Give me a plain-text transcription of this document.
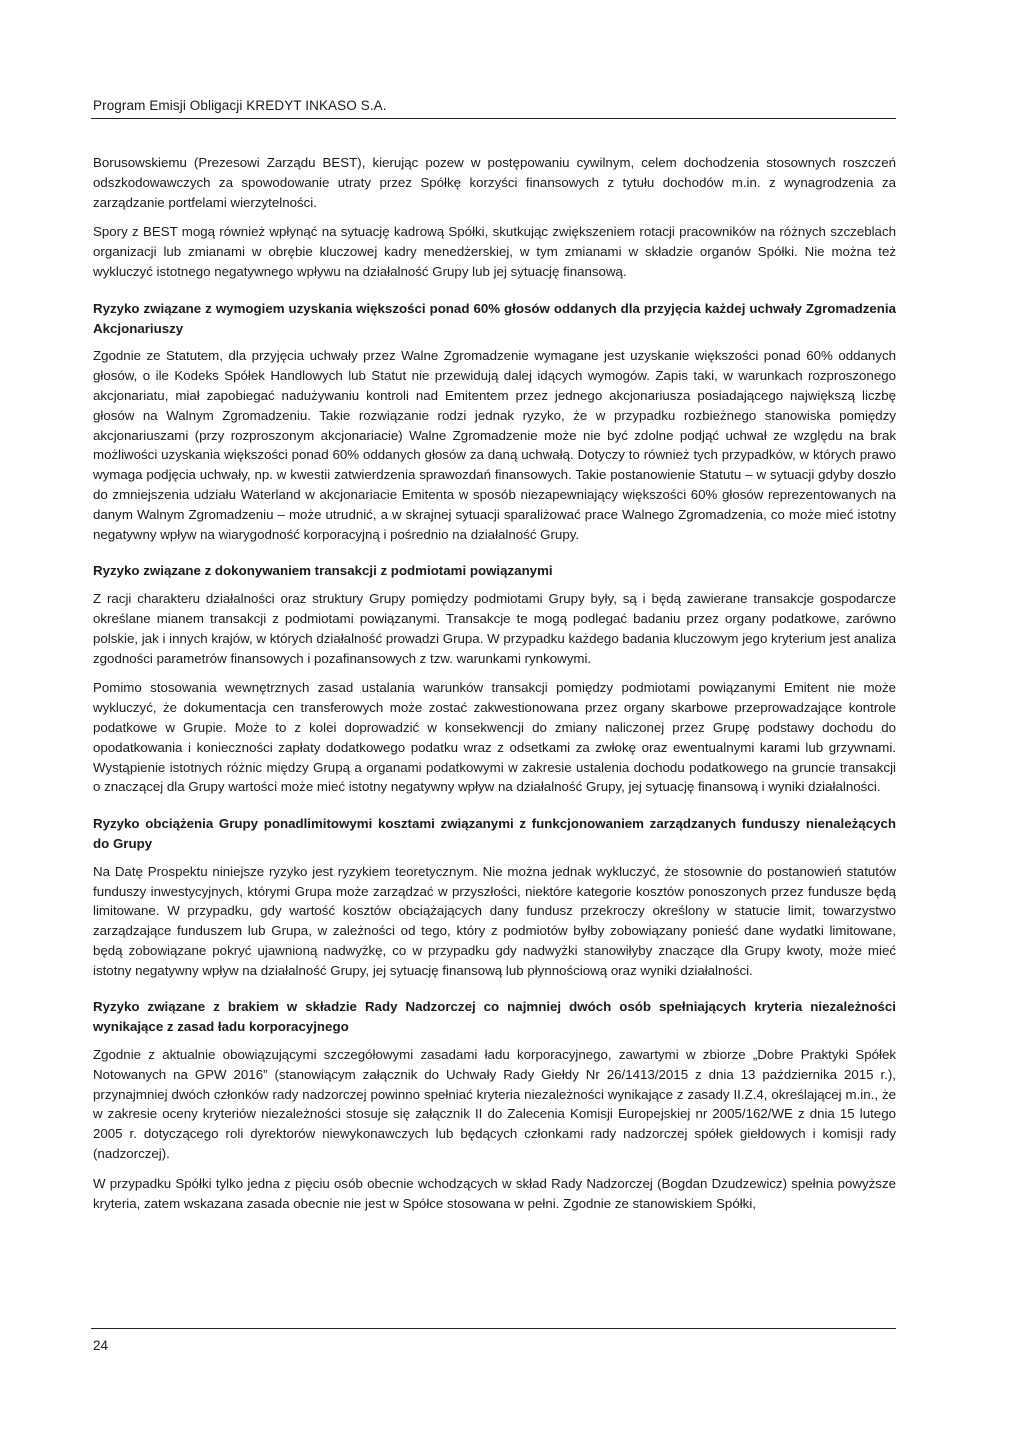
Program Emisji Obligacji KREDYT INKASO S.A.

Borusowskiemu (Prezesowi Zarządu BEST), kierując pozew w postępowaniu cywilnym, celem dochodzenia stosownych roszczeń odszkodowawczych za spowodowanie utraty przez Spółkę korzyści finansowych z tytułu dochodów m.in. z wynagrodzenia za zarządzanie portfelami wierzytelności.

Spory z BEST mogą również wpłynąć na sytuację kadrową Spółki, skutkując zwiększeniem rotacji pracowników na różnych szczeblach organizacji lub zmianami w obrębie kluczowej kadry menedżerskiej, w tym zmianami w składzie organów Spółki. Nie można też wykluczyć istotnego negatywnego wpływu na działalność Grupy lub jej sytuację finansową.

Ryzyko związane z wymogiem uzyskania większości ponad 60% głosów oddanych dla przyjęcia każdej uchwały Zgromadzenia Akcjonariuszy

Zgodnie ze Statutem, dla przyjęcia uchwały przez Walne Zgromadzenie wymagane jest uzyskanie większości ponad 60% oddanych głosów, o ile Kodeks Spółek Handlowych lub Statut nie przewidują dalej idących wymogów. Zapis taki, w warunkach rozproszonego akcjonariatu, miał zapobiegać nadużywaniu kontroli nad Emitentem przez jednego akcjonariusza posiadającego największą liczbę głosów na Walnym Zgromadzeniu. Takie rozwiązanie rodzi jednak ryzyko, że w przypadku rozbieżnego stanowiska pomiędzy akcjonariuszami (przy rozproszonym akcjonariacie) Walne Zgromadzenie może nie być zdolne podjąć uchwał ze względu na brak możliwości uzyskania większości ponad 60% oddanych głosów za daną uchwałą. Dotyczy to również tych przypadków, w których prawo wymaga podjęcia uchwały, np. w kwestii zatwierdzenia sprawozdań finansowych. Takie postanowienie Statutu – w sytuacji gdyby doszło do zmniejszenia udziału Waterland w akcjonariacie Emitenta w sposób niezapewniający większości 60% głosów reprezentowanych na danym Walnym Zgromadzeniu – może utrudnić, a w skrajnej sytuacji sparaliżować prace Walnego Zgromadzenia, co może mieć istotny negatywny wpływ na wiarygodność korporacyjną i pośrednio na działalność Grupy.

Ryzyko związane z dokonywaniem transakcji z podmiotami powiązanymi

Z racji charakteru działalności oraz struktury Grupy pomiędzy podmiotami Grupy były, są i będą zawierane transakcje gospodarcze określane mianem transakcji z podmiotami powiązanymi. Transakcje te mogą podlegać badaniu przez organy podatkowe, zarówno polskie, jak i innych krajów, w których działalność prowadzi Grupa. W przypadku każdego badania kluczowym jego kryterium jest analiza zgodności parametrów finansowych i pozafinansowych z tzw. warunkami rynkowymi.

Pomimo stosowania wewnętrznych zasad ustalania warunków transakcji pomiędzy podmiotami powiązanymi Emitent nie może wykluczyć, że dokumentacja cen transferowych może zostać zakwestionowana przez organy skarbowe przeprowadzające kontrole podatkowe w Grupie. Może to z kolei doprowadzić w konsekwencji do zmiany naliczonej przez Grupę podstawy dochodu do opodatkowania i konieczności zapłaty dodatkowego podatku wraz z odsetkami za zwłokę oraz ewentualnymi karami lub grzywnami. Wystąpienie istotnych różnic między Grupą a organami podatkowymi w zakresie ustalenia dochodu podatkowego na gruncie transakcji o znaczącej dla Grupy wartości może mieć istotny negatywny wpływ na działalność Grupy, jej sytuację finansową i wyniki działalności.

Ryzyko obciążenia Grupy ponadlimitowymi kosztami związanymi z funkcjonowaniem zarządzanych funduszy nienależących do Grupy

Na Datę Prospektu niniejsze ryzyko jest ryzykiem teoretycznym. Nie można jednak wykluczyć, że stosownie do postanowień statutów funduszy inwestycyjnych, którymi Grupa może zarządzać w przyszłości, niektóre kategorie kosztów ponoszonych przez fundusze będą limitowane. W przypadku, gdy wartość kosztów obciążających dany fundusz przekroczy określony w statucie limit, towarzystwo zarządzające funduszem lub Grupa, w zależności od tego, który z podmiotów byłby zobowiązany ponieść dane wydatki limitowane, będą zobowiązane pokryć ujawnioną nadwyżkę, co w przypadku gdy nadwyżki stanowiłyby znaczące dla Grupy kwoty, może mieć istotny negatywny wpływ na działalność Grupy, jej sytuację finansową lub płynnościową oraz wyniki działalności.

Ryzyko związane z brakiem w składzie Rady Nadzorczej co najmniej dwóch osób spełniających kryteria niezależności wynikające z zasad ładu korporacyjnego

Zgodnie z aktualnie obowiązującymi szczegółowymi zasadami ładu korporacyjnego, zawartymi w zbiorze „Dobre Praktyki Spółek Notowanych na GPW 2016” (stanowiącym załącznik do Uchwały Rady Giełdy Nr 26/1413/2015 z dnia 13 października 2015 r.), przynajmniej dwóch członków rady nadzorczej powinno spełniać kryteria niezależności wynikające z zasady II.Z.4, określającej m.in., że w zakresie oceny kryteriów niezależności stosuje się załącznik II do Zalecenia Komisji Europejskiej nr 2005/162/WE z dnia 15 lutego 2005 r. dotyczącego roli dyrektorów niewykonawczych lub będących członkami rady nadzorczej spółek giełdowych i komisji rady (nadzorczej).

W przypadku Spółki tylko jedna z pięciu osób obecnie wchodzących w skład Rady Nadzorczej (Bogdan Dzudzewicz) spełnia powyższe kryteria, zatem wskazana zasada obecnie nie jest w Spółce stosowana w pełni. Zgodnie ze stanowiskiem Spółki,

24
